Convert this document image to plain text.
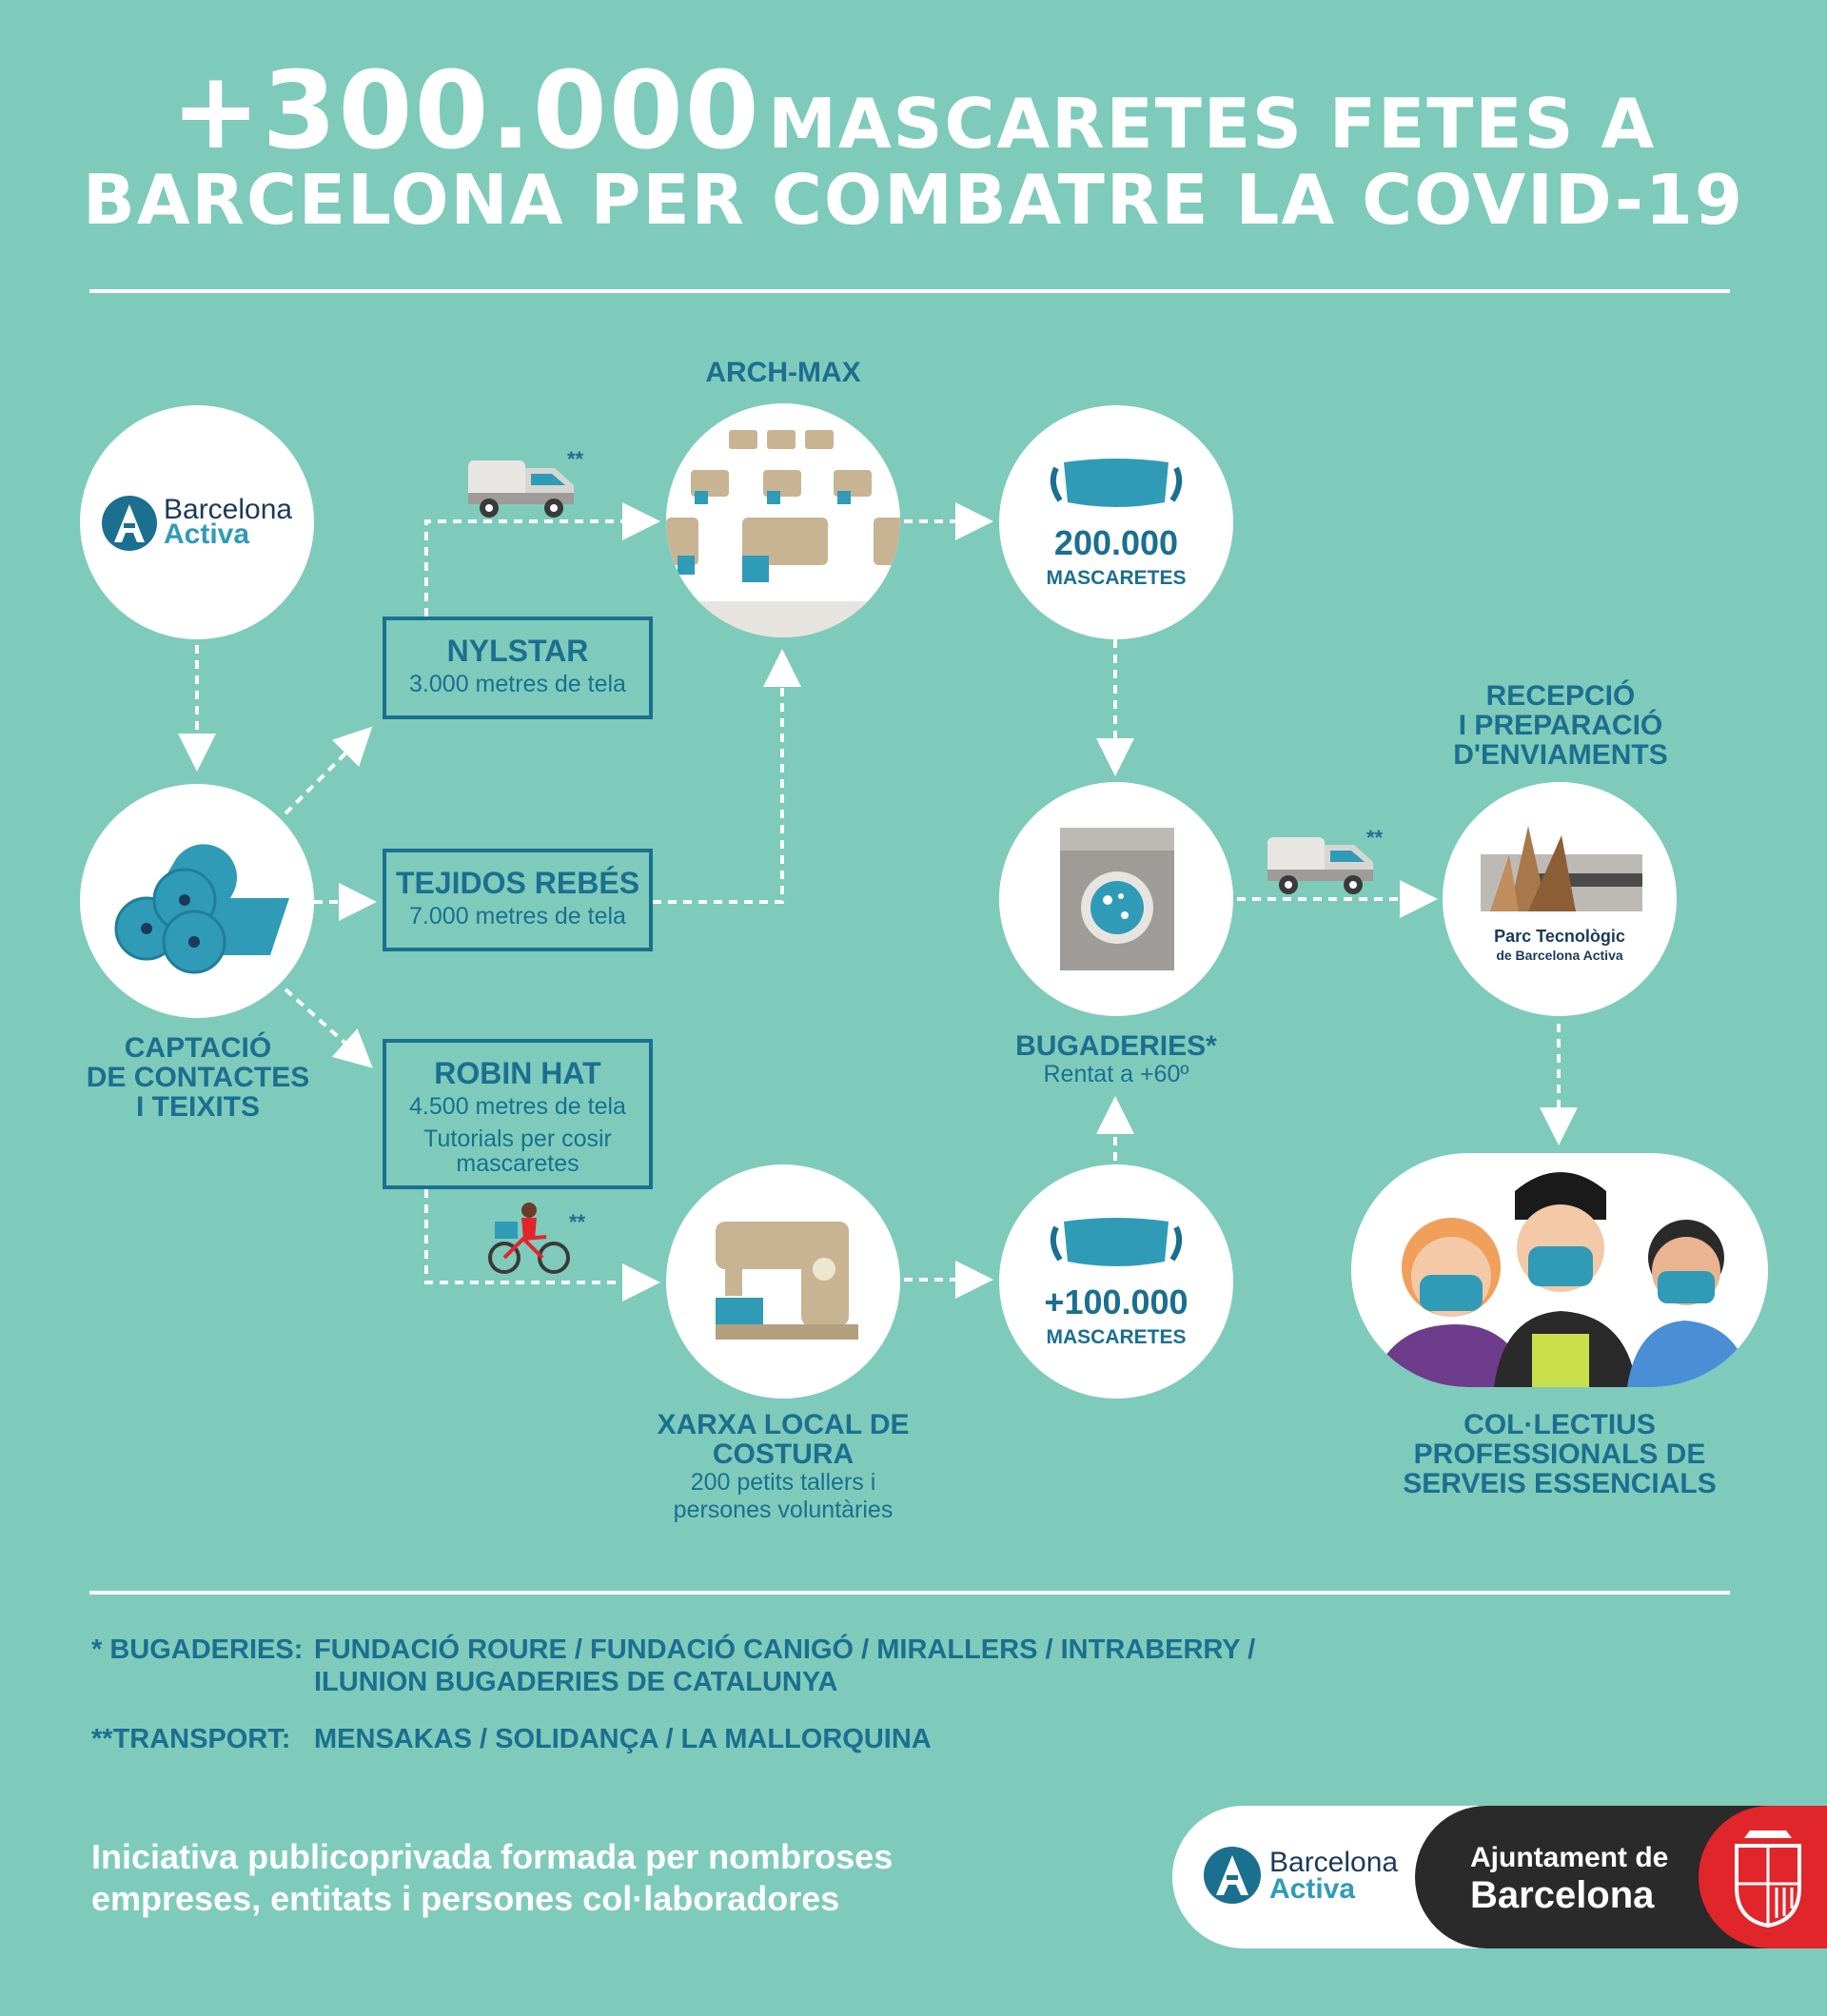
+300.000 MASCARETES FETES A
BARCELONA PER COMBATRE LA COVID-19
**
**
**
Barcelona
Activa
CAPTACIÓ
DE CONTACTES
I TEIXITS
NYLSTAR
3.000 metres de tela
TEJIDOS REBÉS
7.000 metres de tela
ROBIN HAT
4.500 metres de tela
Tutorials per cosir
mascaretes
ARCH-MAX
200.000
MASCARETES
BUGADERIES*
Rentat a +60º
XARXA LOCAL DE
COSTURA
200 petits tallers i
persones voluntàries
+100.000
MASCARETES
RECEPCIÓ
I PREPARACIÓ
D'ENVIAMENTS
Parc Tecnològic
de Barcelona Activa
COL·LECTIUS
PROFESSIONALS DE
SERVEIS ESSENCIALS
* BUGADERIES: FUNDACIÓ ROURE / FUNDACIÓ CANIGÓ / MIRALLERS / INTRABERRY /
ILUNION BUGADERIES DE CATALUNYA
**TRANSPORT: MENSAKAS / SOLIDANÇA / LA MALLORQUINA
Iniciativa publicoprivada formada per nombroses
empreses, entitats i persones col·laboradores
Barcelona
Activa
Ajuntament de
Barcelona
